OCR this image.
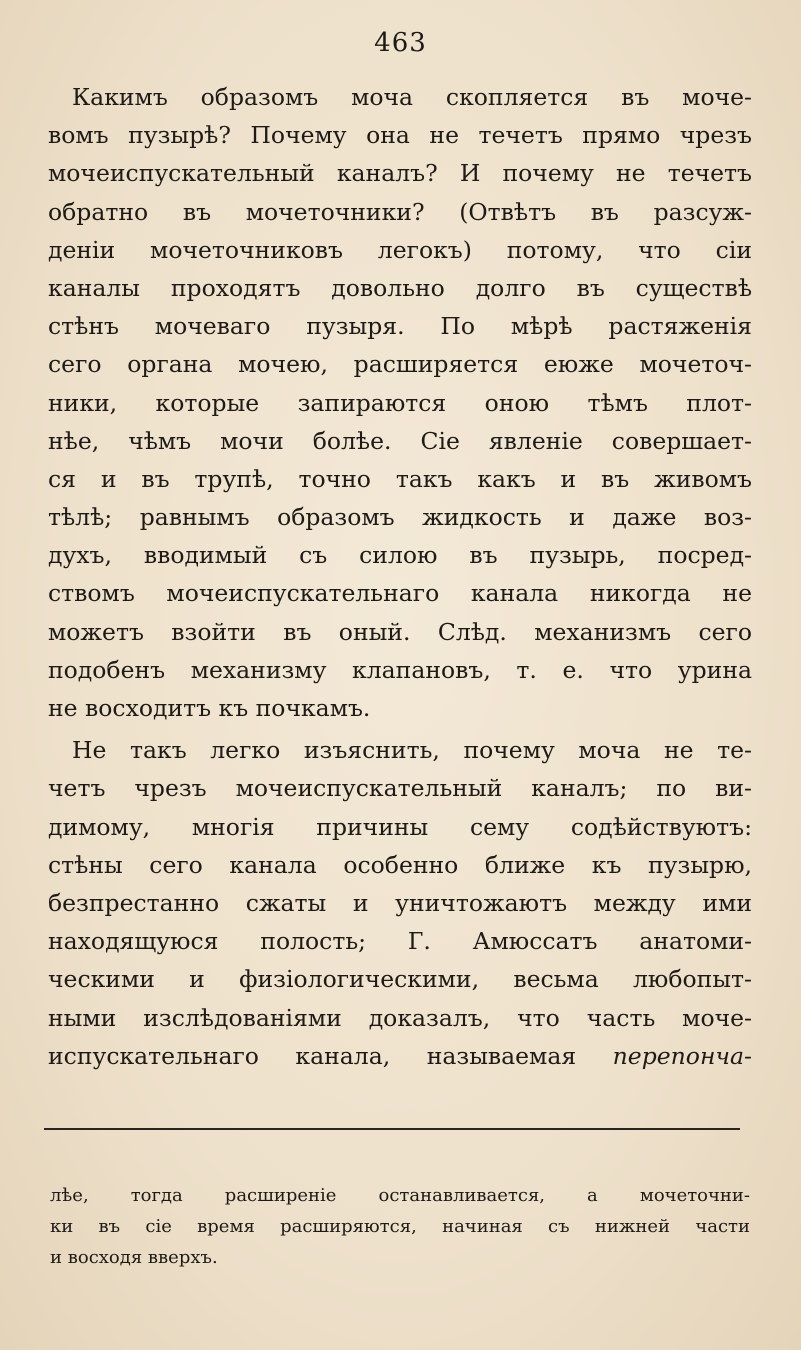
463
Какимъ образомъ моча скопляется въ моче-
вомъ пузырѣ? Почему она не течетъ прямо чрезъ
мочеиспускательный каналъ? И почему не течетъ
обратно въ мочеточники? (Отвѣтъ въ разсуж-
деніи мочеточниковъ легокъ) потому, что сіи
каналы проходятъ довольно долго въ существѣ
стѣнъ мочеваго пузыря. По мѣрѣ растяженія
сего органа мочею, расширяется еюже мочеточ-
ники, которые запираются оною тѣмъ плот-
нѣе, чѣмъ мочи болѣе. Сіе явленіе совершает-
ся и въ трупѣ, точно такъ какъ и въ живомъ
тѣлѣ; равнымъ образомъ жидкость и даже воз-
духъ, вводимый съ силою въ пузырь, посред-
ствомъ мочеиспускательнаго канала никогда не
можетъ взойти въ оный. Слѣд. механизмъ сего
подобенъ механизму клапановъ, т. е. что урина
не восходитъ къ почкамъ.
Не такъ легко изъяснить, почему моча не те-
четъ чрезъ мочеиспускательный каналъ; по ви-
димому, многія причины сему содѣйствуютъ:
стѣны сего канала особенно ближе къ пузырю,
безпрестанно сжаты и уничтожаютъ между ими
находящуюся полость; Г. Амюссатъ анатоми-
ческими и физіологическими, весьма любопыт-
ными изслѣдованіями доказалъ, что часть моче-
испускательнаго канала, называемая перепонча-
лѣе, тогда расширеніе останавливается, а мочеточни-
ки въ сіе время расширяются, начиная съ нижней части
и восходя вверхъ.
